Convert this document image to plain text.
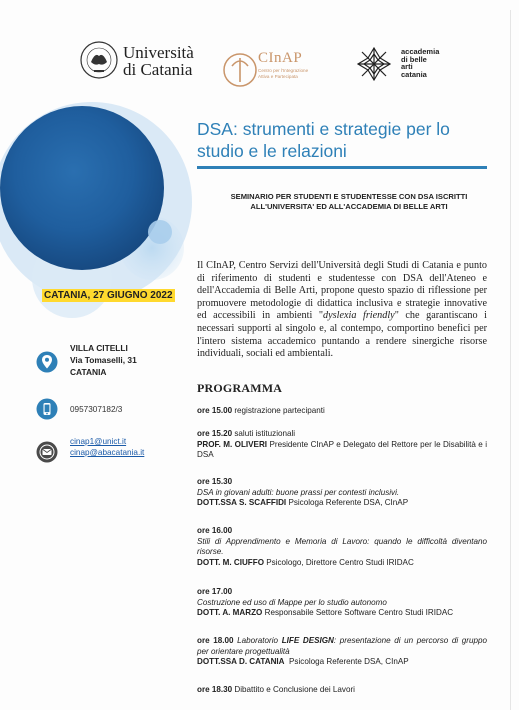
Università
di Catania
CInAP
Centro per l'Integrazione
Attiva e Partecipata
accademia
di belle
arti
catania
DSA: strumenti e strategie per lo
studio e le relazioni
SEMINARIO PER STUDENTI E STUDENTESSE CON DSA ISCRITTI
ALL'UNIVERSITA' ED ALL'ACCADEMIA DI BELLE ARTI
Il CInAP, Centro Servizi dell'Università degli Studi di Catania e punto di riferimento di studenti e studentesse con DSA dell'Ateneo e dell'Accademia di Belle Arti, propone questo spazio di riflessione per promuovere metodologie di didattica inclusiva e strategie innovative ed accessibili in ambienti "dyslexia friendly" che garantiscano i necessari supporti al singolo e, al contempo, comportino benefici per l'intero sistema accademico puntando a rendere sinergiche risorse individuali, sociali ed ambientali.
PROGRAMMA
ore 15.00 registrazione partecipanti
ore 15.20 saluti istituzionali
PROF. M. OLIVERI Presidente CInAP e Delegato del Rettore per le Disabilità e i DSA
ore 15.30
DSA in giovani adulti: buone prassi per contesti inclusivi.
DOTT.SSA S. SCAFFIDI Psicologa Referente DSA, CInAP
ore 16.00
Stili di Apprendimento e Memoria di Lavoro: quando le difficoltà diventano risorse.
DOTT. M. CIUFFO Psicologo, Direttore Centro Studi IRIDAC
ore 17.00
Costruzione ed uso di Mappe per lo studio autonomo
DOTT. A. MARZO Responsabile Settore Software Centro Studi IRIDAC
ore 18.00 Laboratorio LIFE DESIGN: presentazione di un percorso di gruppo per orientare progettualità
DOTT.SSA D. CATANIA Psicologa Referente DSA, CInAP
ore 18.30 Dibattito e Conclusione dei Lavori
CATANIA, 27 GIUGNO 2022
VILLA CITELLI
Via Tomaselli, 31
CATANIA
0957307182/3
cinap1@unict.it
cinap@abacatania.it
